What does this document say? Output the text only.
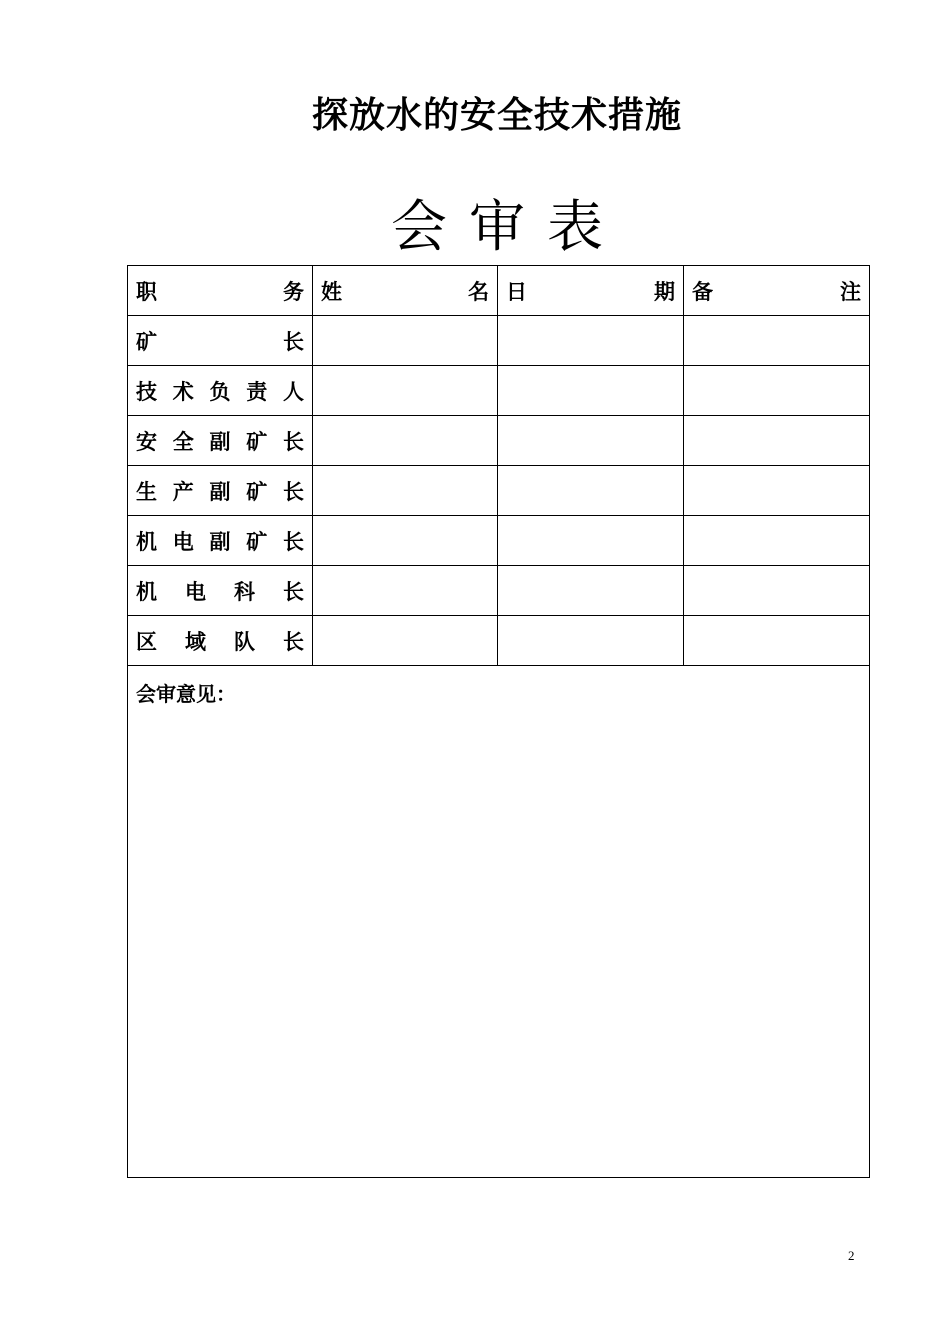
探放水的安全技术措施
会审表
职 务	姓 名	日 期	备 注

矿 长			

技 术 负 责 人			

安 全 副 矿 长			

生 产 副 矿 长			

机 电 副 矿 长			

机 电 科 长			

区 域 队 长			

会审意见：			
2
